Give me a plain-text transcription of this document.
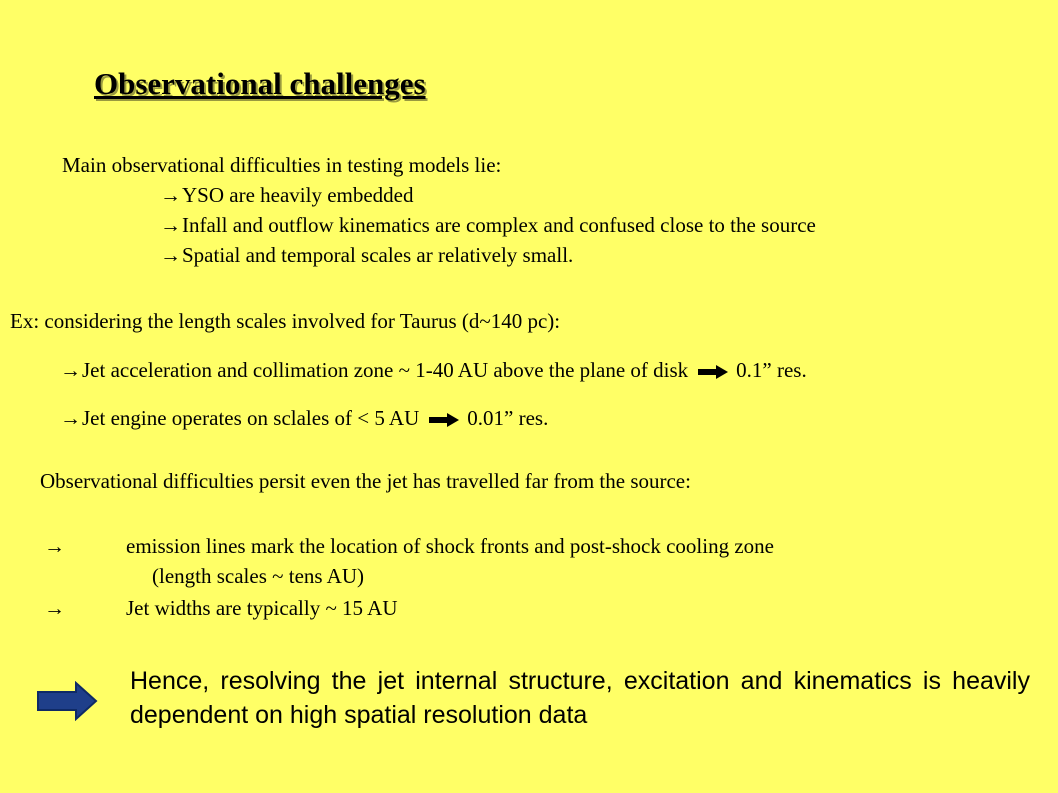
Observational challenges
Main observational difficulties in testing models lie:
→YSO are heavily embedded
→Infall and outflow kinematics are complex and confused close to the source
→Spatial and temporal scales ar relatively small.
Ex: considering the length scales involved for Taurus (d~140 pc):
→Jet acceleration and collimation zone ~ 1-40 AU above the plane of disk 0.1” res.
→Jet engine operates on sclales of < 5 AU 0.01” res.
Observational difficulties persit even the jet has travelled far from the source:
→	emission lines mark the location of shock fronts and post-shock cooling zone
(length scales ~ tens AU)
→	Jet widths are typically ~ 15 AU
Hence, resolving the jet internal structure, excitation and kinematics is heavily dependent on high spatial resolution data
